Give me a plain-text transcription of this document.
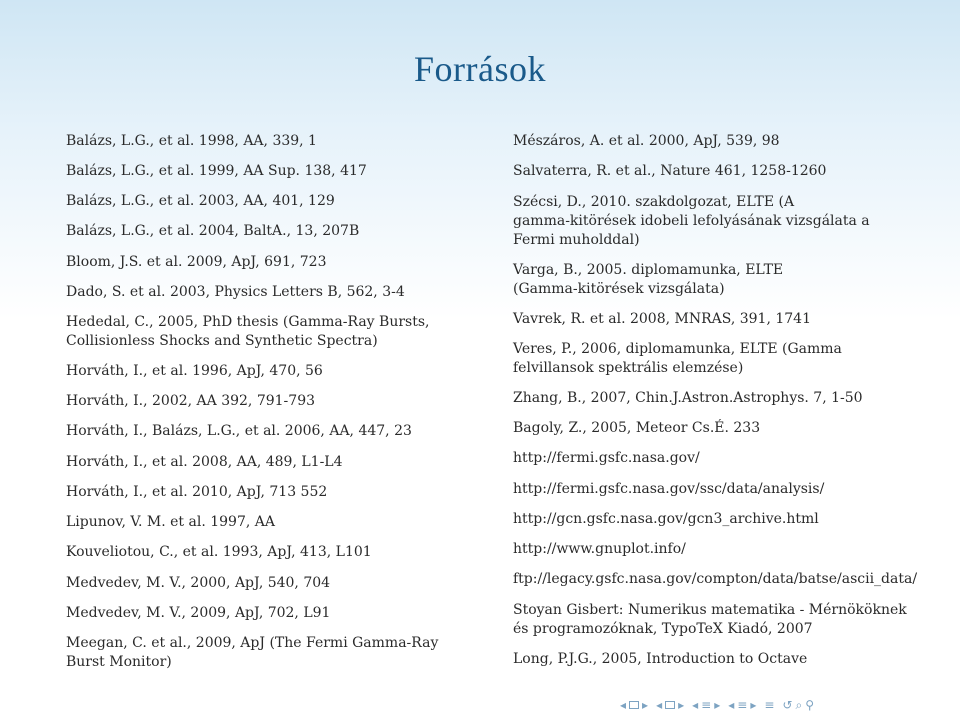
Források
Balázs, L.G., et al. 1998, AA, 339, 1
Balázs, L.G., et al. 1999, AA Sup. 138, 417
Balázs, L.G., et al. 2003, AA, 401, 129
Balázs, L.G., et al. 2004, BaltA., 13, 207B
Bloom, J.S. et al. 2009, ApJ, 691, 723
Dado, S. et al. 2003, Physics Letters B, 562, 3-4
Hededal, C., 2005, PhD thesis (Gamma-Ray Bursts,
Collisionless Shocks and Synthetic Spectra)
Horváth, I., et al. 1996, ApJ, 470, 56
Horváth, I., 2002, AA 392, 791-793
Horváth, I., Balázs, L.G., et al. 2006, AA, 447, 23
Horváth, I., et al. 2008, AA, 489, L1-L4
Horváth, I., et al. 2010, ApJ, 713 552
Lipunov, V. M. et al. 1997, AA
Kouveliotou, C., et al. 1993, ApJ, 413, L101
Medvedev, M. V., 2000, ApJ, 540, 704
Medvedev, M. V., 2009, ApJ, 702, L91
Meegan, C. et al., 2009, ApJ (The Fermi Gamma-Ray
Burst Monitor)
Mészáros, A. et al. 2000, ApJ, 539, 98
Salvaterra, R. et al., Nature 461, 1258-1260
Szécsi, D., 2010. szakdolgozat, ELTE (A
gamma-kitörések idobeli lefolyásának vizsgálata a
Fermi muholddal)
Varga, B., 2005. diplomamunka, ELTE
(Gamma-kitörések vizsgálata)
Vavrek, R. et al. 2008, MNRAS, 391, 1741
Veres, P., 2006, diplomamunka, ELTE (Gamma
felvillansok spektrális elemzése)
Zhang, B., 2007, Chin.J.Astron.Astrophys. 7, 1-50
Bagoly, Z., 2005, Meteor Cs.É. 233
http://fermi.gsfc.nasa.gov/
http://fermi.gsfc.nasa.gov/ssc/data/analysis/
http://gcn.gsfc.nasa.gov/gcn3_archive.html
http://www.gnuplot.info/
ftp://legacy.gsfc.nasa.gov/compton/data/batse/ascii_data/
Stoyan Gisbert: Numerikus matematika - Mérnököknek
és programozóknak, TypoTeX Kiadó, 2007
Long, P.J.G., 2005, Introduction to Octave
◂ ▸ ◂ ▸ ◂ ≡ ▸ ◂ ≡ ▸ ≡ ↺ ⌕ ⚲
